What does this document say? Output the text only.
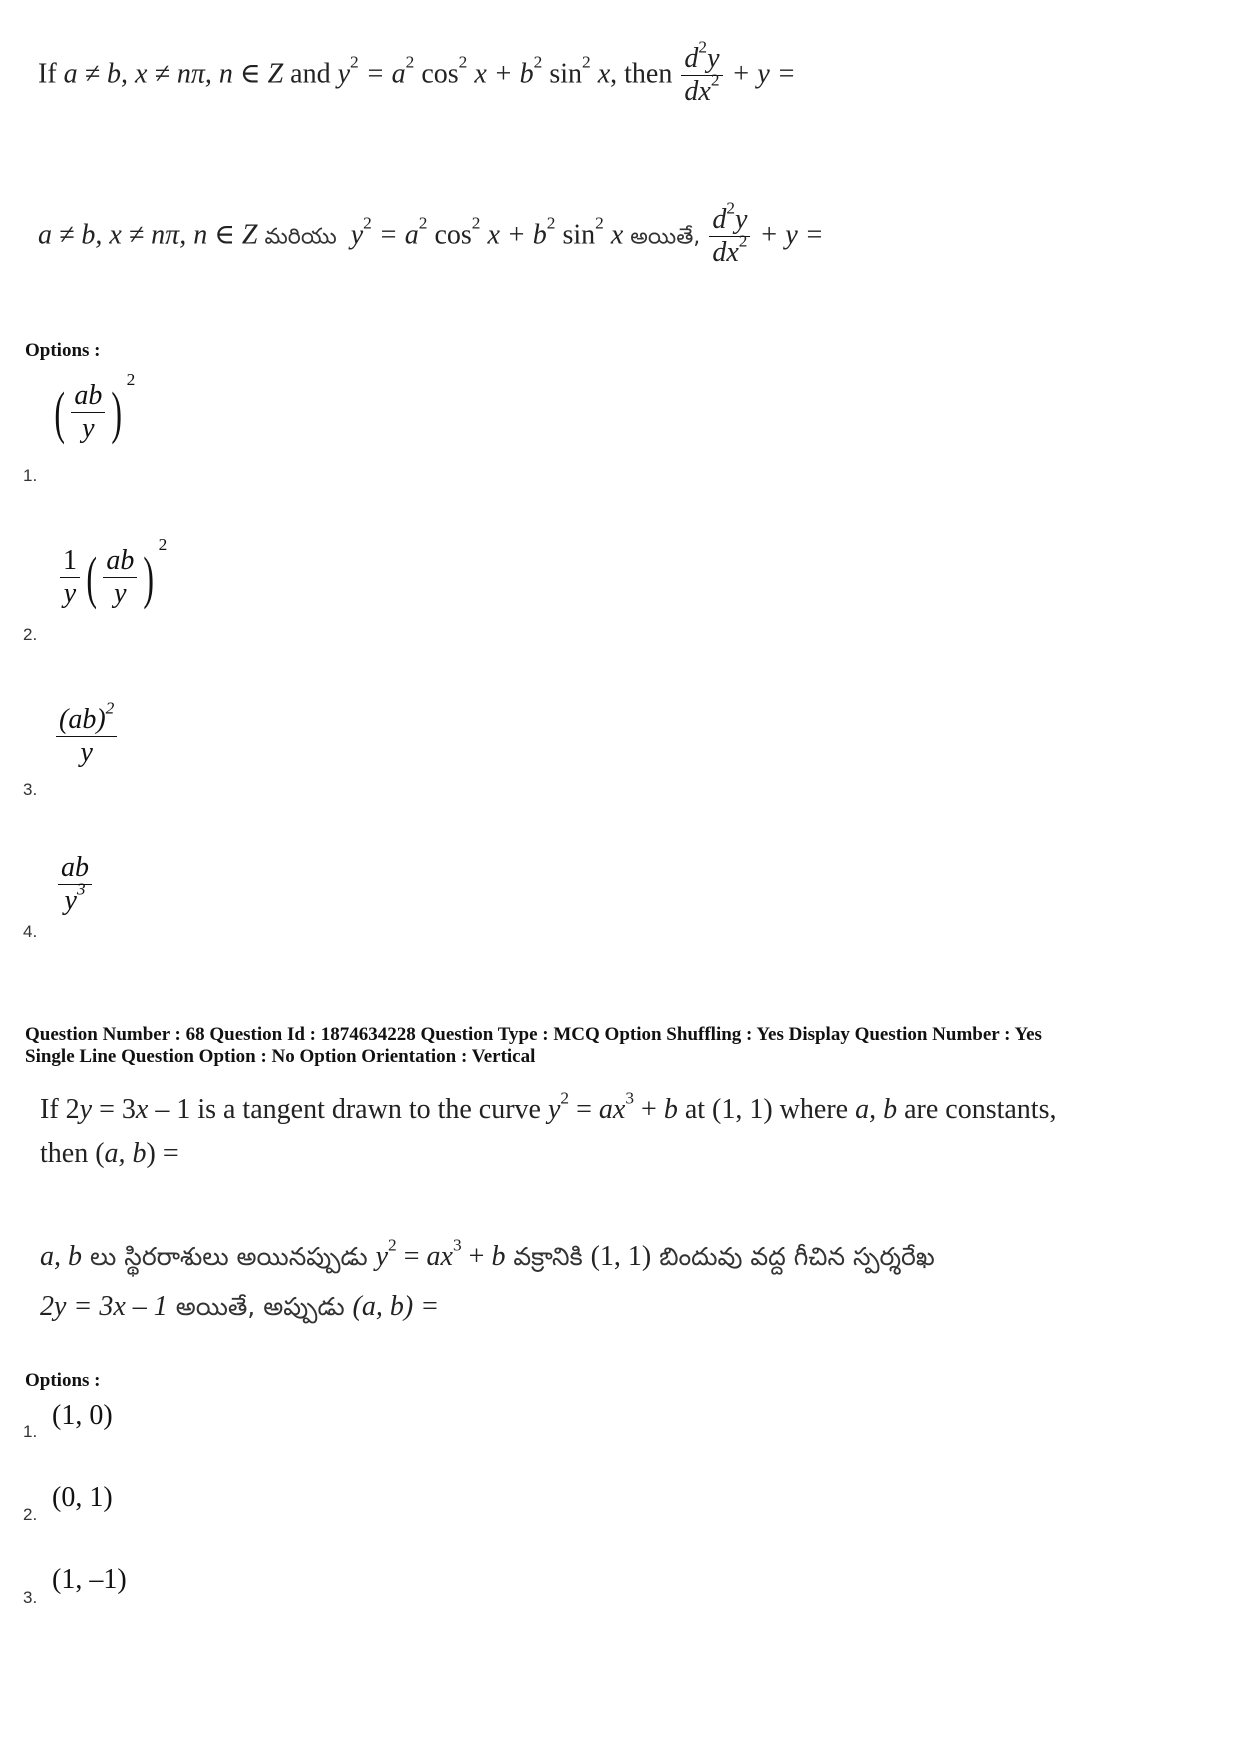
If a ≠ b, x ≠ nπ, n ∈ Z and $y^2 = a^2$ $\cos^2 x + b^2$ $\sin^2 x$, then $\frac{d^2y}{dx^2} + y$ =
a ≠ b, x ≠ nπ, n ∈ Z మరియు $y^2 = a^2$ $\cos^2 x + b^2$ $\sin^2 x$ అయితే, $\frac{d^2y}{dx^2} + y$ =
Options :
1.
( $\frac{ab}{y} )^2$
2.
$\frac{1}{y}$ ( $\frac{ab}{y} )^2$
3.
$\frac{(ab)^2}{y}$
4.
$\frac{ab}{y^3}$
Question Number : 68 Question Id : 1874634228 Question Type : MCQ Option Shuffling : Yes Display Question Number : Yes
Single Line Question Option : No Option Orientation : Vertical
If 2y = 3x – 1 is a tangent drawn to the curve $y^2 = ax^3 + b$ at (1, 1) where a, b are constants,
then (a, b) =
a, b లు స్థిరరాశులు అయినప్పుడు $y^2 = ax^3 + b$ వక్రానికి (1, 1) బిందువు వద్ద గీచిన స్పర్శరేఖ
2y = 3x – 1 అయితే, అప్పుడు (a, b) =
Options :
1.
(1, 0)
2.
(0, 1)
3.
(1, –1)
